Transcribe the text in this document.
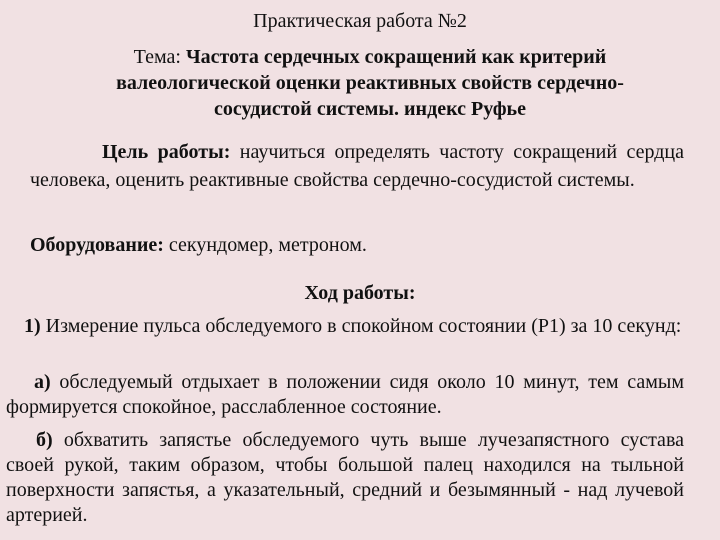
Практическая работа №2
Тема: Частота сердечных сокращений как критерий валеологической оценки реактивных свойств сердечно-сосудистой системы. индекс Руфье
Цель работы: научиться определять частоту сокращений сердца человека, оценить реактивные свойства сердечно-сосудистой системы.
Оборудование: секундомер, метроном.
Ход работы:
1) Измерение пульса обследуемого в спокойном состоянии (Р1) за 10 секунд:
а) обследуемый отдыхает в положении сидя около 10 минут, тем самым формируется спокойное, расслабленное состояние.
б) обхватить запястье обследуемого чуть выше лучезапястного сустава своей рукой, таким образом, чтобы большой палец находился на тыльной поверхности запястья, а указательный, средний и безымянный - над лучевой артерией.
